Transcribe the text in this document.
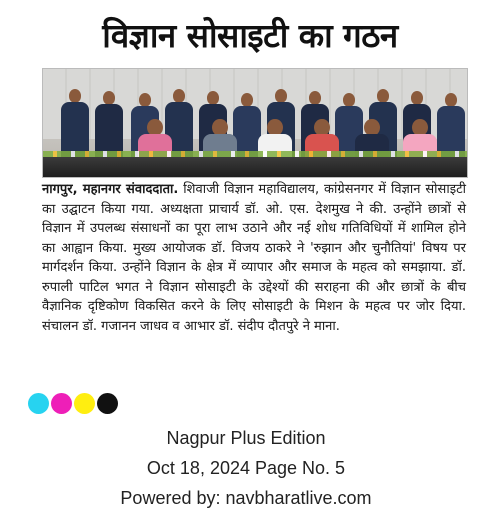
विज्ञान सोसाइटी का गठन
नागपुर, महानगर संवाददाता. शिवाजी विज्ञान महाविद्यालय, कांग्रेसनगर में विज्ञान सोसाइटी का उद्घाटन किया गया. अध्यक्षता प्राचार्य डॉ. ओ. एस. देशमुख ने की. उन्होंने छात्रों से विज्ञान में उपलब्ध संसाधनों का पूरा लाभ उठाने और नई शोध गतिविधियों में शामिल होने का आह्वान किया. मुख्य आयोजक डॉ. विजय ठाकरे ने 'रुझान और चुनौतियां' विषय पर मार्गदर्शन किया. उन्होंने विज्ञान के क्षेत्र में व्यापार और समाज के महत्व को समझाया. डॉ. रुपाली पाटिल भगत ने विज्ञान सोसाइटी के उद्देश्यों की सराहना की और छात्रों के बीच वैज्ञानिक दृष्टिकोण विकसित करने के लिए सोसाइटी के मिशन के महत्व पर जोर दिया. संचालन डॉ. गजानन जाधव व आभार डॉ. संदीप दौतपुरे ने माना.
Nagpur Plus Edition
Oct 18, 2024 Page No. 5
Powered by: navbharatlive.com
